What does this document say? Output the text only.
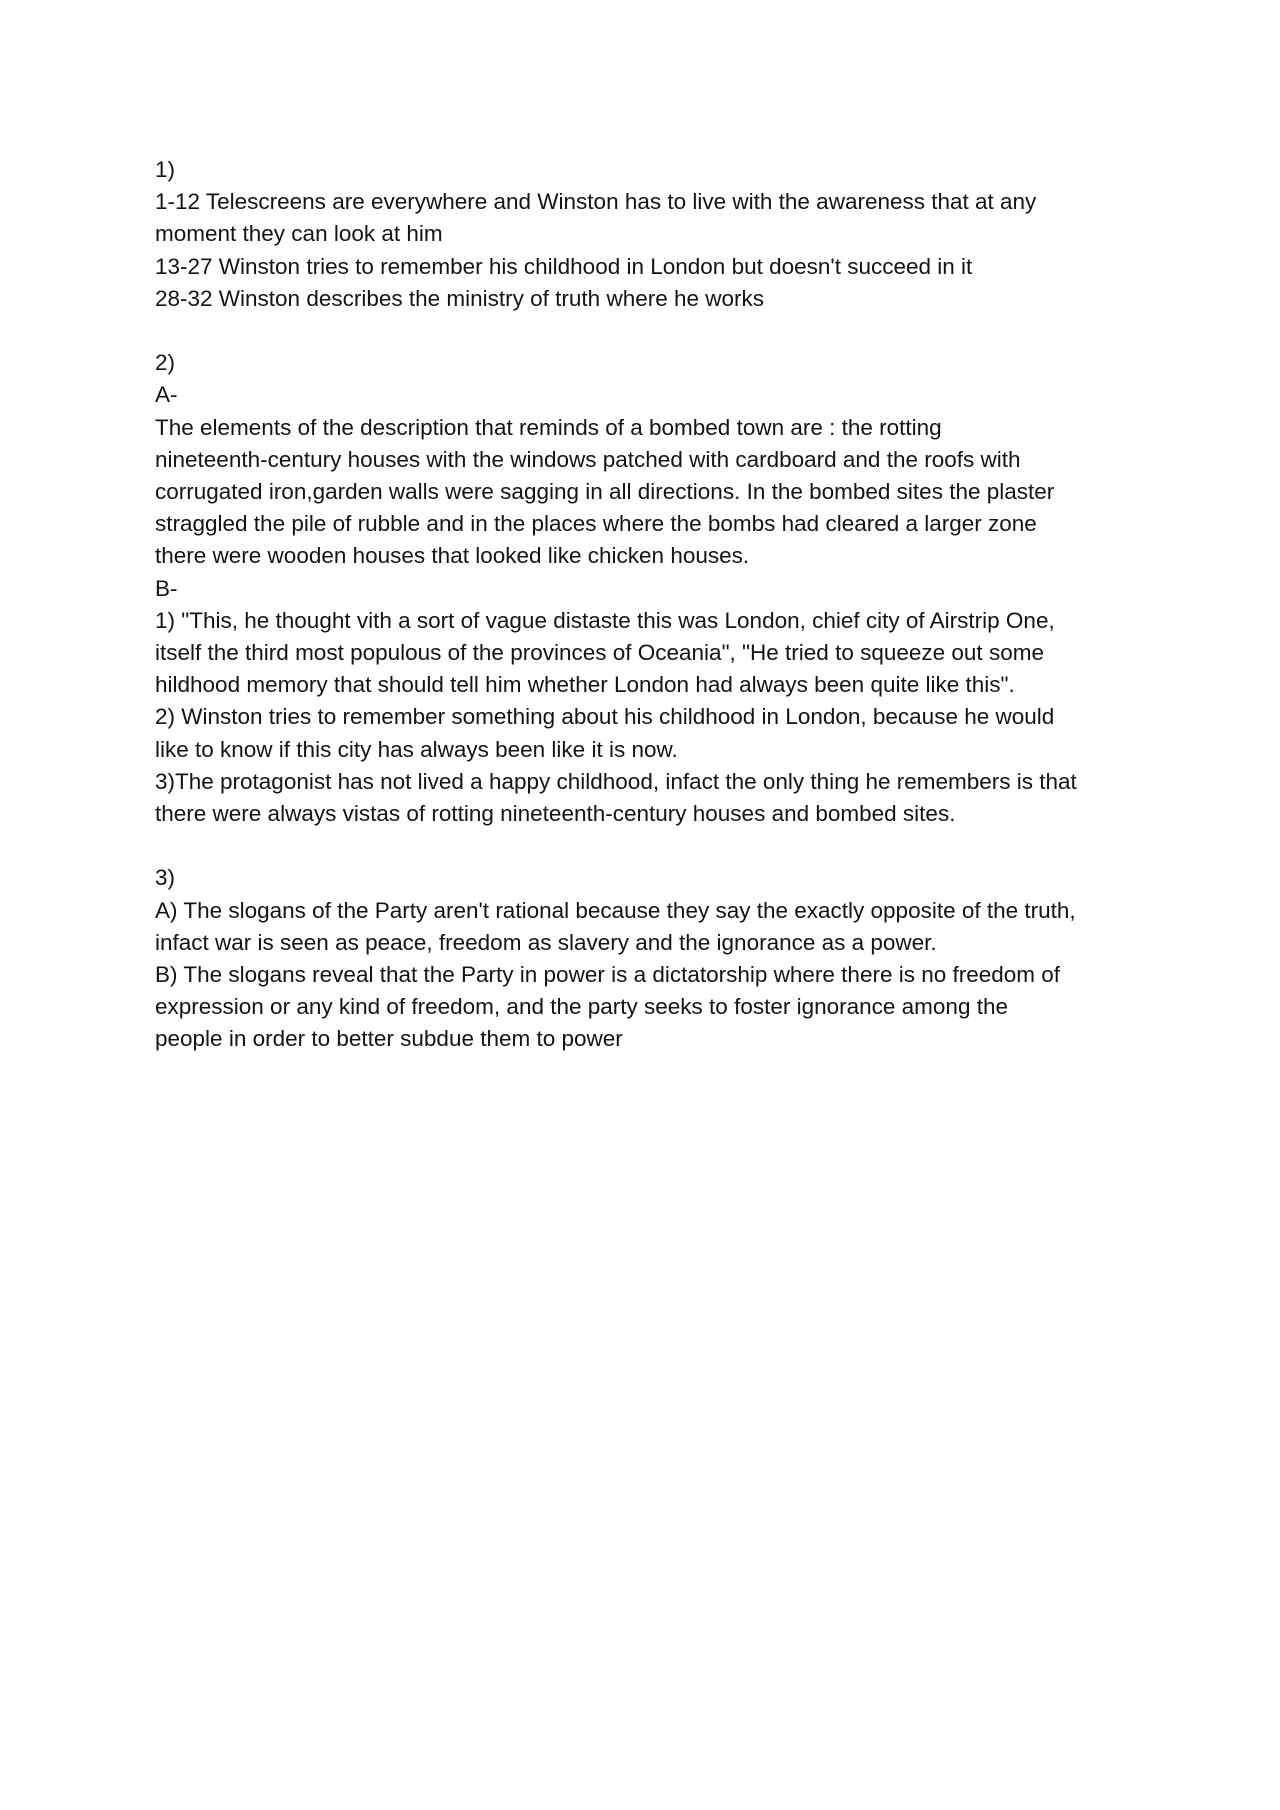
1)
1-12 Telescreens are everywhere and Winston has to live with the awareness that at any
moment they can look at him
13-27 Winston tries to remember his childhood in London but doesn't succeed in it
28-32 Winston describes the ministry of truth where he works
2)
A-
The elements of the description that reminds of a bombed town are : the rotting
nineteenth-century houses with the windows patched with cardboard and the roofs with
corrugated iron,garden walls were sagging in all directions. In the bombed sites the plaster
straggled the pile of rubble and in the places where the bombs had cleared a larger zone
there were wooden houses that looked like chicken houses.
B-
1) "This, he thought vith a sort of vague distaste this was London, chief city of Airstrip One,
itself the third most populous of the provinces of Oceania", "He tried to squeeze out some
hildhood memory that should tell him whether London had always been quite like this".
2) Winston tries to remember something about his childhood in London, because he would
like to know if this city has always been like it is now.
3)The protagonist has not lived a happy childhood, infact the only thing he remembers is that
there were always vistas of rotting nineteenth-century houses and bombed sites.
3)
A) The slogans of the Party aren't rational because they say the exactly opposite of the truth,
infact war is seen as peace, freedom as slavery and the ignorance as a power.
B) The slogans reveal that the Party in power is a dictatorship where there is no freedom of
expression or any kind of freedom, and the party seeks to foster ignorance among the
people in order to better subdue them to power
